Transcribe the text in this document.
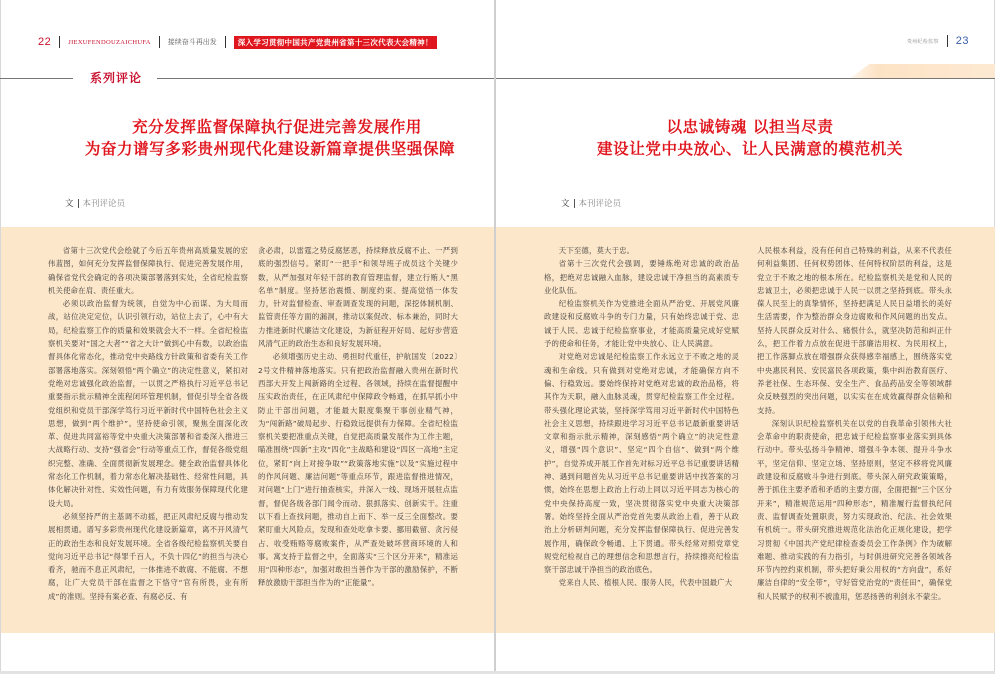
22	JIEXUFENDOUZAICHUFA 接续奋斗再出发	深入学习贯彻中国共产党贵州省第十三次代表大会精神！	贵州纪检监察 23
系列评论
充分发挥监督保障执行促进完善发展作用
为奋力谱写多彩贵州现代化建设新篇章提供坚强保障
以忠诚铸魂 以担当尽责
建设让党中央放心、让人民满意的模范机关
文 本刊评论员	文 本刊评论员

省第十三次党代会绘就了今后五年贵州高质量发展的宏伟蓝图，如何充分发挥监督保障执行、促进完善发展作用，确保省党代会确定的各项决策部署落到实处，全省纪检监察机关使命在肩、责任重大。

必须以政治监督为统领，自觉为中心而谋、为大局而战，站位决定定位，认识引领行动，站位上去了，心中有大局，纪检监察工作的质量和效果就会大不一样。全省纪检监察机关要对“国之大者”“省之大计”做到心中有数，以政治监督具体化常态化，推动党中央路线方针政策和省委有关工作部署落地落实。深刻领悟“两个确立”的决定性意义，紧扣对党绝对忠诚强化政治监督，一以贯之严格执行习近平总书记重要指示批示精神全流程闭环管理机制，督促引导全省各级党组织和党员干部深学笃行习近平新时代中国特色社会主义思想，做到“两个维护”。坚持使命引领，聚焦全面深化改革、促进共同富裕等党中央重大决策部署和省委深入推进三大战略行动、支持“强省会”行动等重点工作，督促各级党组织完整、准确、全面贯彻新发展理念。健全政治监督具体化常态化工作机制，着力常态化解决基础性、经常性问题，具体化解决针对性、实效性问题，有力有效服务保障现代化建设大局。

必须坚持严的主基调不动摇，把正风肃纪反腐与推动发展相贯通。谱写多彩贵州现代化建设新篇章，离不开风清气正的政治生态和良好发展环境。全省各级纪检监察机关要自觉向习近平总书记“得罪千百人，不负十四亿”的担当与决心看齐，驰而不息正风肃纪，一体推进不敢腐、不能腐、不想腐，让广大党员干部在监督之下恪守“官有所畏，业有所成”的准则。坚持有案必查、有腐必反、有

贪必肃，以雷霆之势反腐惩恶，持续释放反腐不止、一严到底的强烈信号。紧盯“一把手”和领导班子成员这个关键少数，从严加强对年轻干部的教育管理监督，建立行贿人“黑名单”制度。坚持惩治震慑、制度约束、提高觉悟一体发力，针对监督检查、审查调查发现的问题，深挖体制机制、监管责任等方面的漏洞，推动以案促改、标本兼治，同时大力推进新时代廉洁文化建设，为新征程开好局、起好步营造风清气正的政治生态和良好发展环境。

必须增强历史主动、勇担时代重任，护航国发〔2022〕2号文件精神落地落实。只有把政治监督融入贵州在新时代西部大开发上闯新路的全过程、各领域，持续在监督提醒中压实政治责任，在正风肃纪中保障政令畅通，在抓早抓小中防止干部出问题，才能最大限度集聚干事创业精气神，为“闯新路”破局起步、行稳致远提供有力保障。全省纪检监察机关要把准重点关键，自觉把高质量发展作为工作主题，瞄准围绕“四新”主攻“四化”主战略和建设“四区一高地”主定位，紧盯“向上对接争取”“政策落地实施”以及“实施过程中的作风问题、廉洁问题”等重点环节，跟进监督推进情况，对问题“上门”进行抽查核实，并深入一线、现场开展驻点监督，督促各级各部门闻令而动、狠抓落实、创新实干。注重以下看上查找问题，推动自上而下、举一反三全面整改。要紧盯重大风险点，发现和查处吃拿卡要、挪用截留、贪污侵占、收受贿赂等腐败案件，从严查处破坏营商环境的人和事。寓支持于监督之中，全面落实“三个区分开来”，精准运用“四种形态”，加强对敢担当善作为干部的激励保护，不断释放激励干部担当作为的“正能量”。

天下至德，莫大于忠。

省第十三次党代会强调，要锤炼绝对忠诚的政治品格，把绝对忠诚融入血脉，建设忠诚干净担当的高素质专业化队伍。

纪检监察机关作为党推进全面从严治党、开展党风廉政建设和反腐败斗争的专门力量，只有始终忠诚于党、忠诚于人民、忠诚于纪检监察事业，才能高质量完成好党赋予的使命和任务，才能让党中央放心、让人民满意。

对党绝对忠诚是纪检监察工作永远立于不败之地的灵魂和生命线。只有做到对党绝对忠诚，才能确保方向不偏、行稳致远。要始终保持对党绝对忠诚的政治品格，将其作为天职，融入血脉灵魂，贯穿纪检监察工作全过程。带头强化理论武装，坚持深学笃用习近平新时代中国特色社会主义思想，持续跟进学习习近平总书记最新重要讲话文章和指示批示精神，深刻感悟“两个确立”的决定性意义，增强“四个意识”、坚定“四个自信”、做到“两个维护”，自觉养成开展工作首先对标习近平总书记重要讲话精神、遇到问题首先从习近平总书记重要讲话中找答案的习惯，始终在思想上政治上行动上同以习近平同志为核心的党中央保持高度一致，坚决贯彻落实党中央重大决策部署。始终坚持全面从严治党首先要从政治上看，善于从政治上分析研判问题，充分发挥监督保障执行、促进完善发展作用，确保政令畅通、上下贯通。带头经常对照党章党规党纪检视自己的理想信念和思想言行，持续擦亮纪检监察干部忠诚干净担当的政治底色。

党来自人民、植根人民、服务人民，代表中国最广大

人民根本利益，没有任何自己特殊的利益，从来不代表任何利益集团、任何权势团体、任何特权阶层的利益，这是党立于不败之地的根本所在。纪检监察机关是党和人民的忠诚卫士，必须把忠诚于人民一以贯之坚持到底。带头永葆人民至上的真挚情怀，坚持把满足人民日益增长的美好生活需要，作为整治群众身边腐败和作风问题的出发点。坚持人民群众反对什么、痛恨什么，就坚决防范和纠正什么，把工作着力点放在促进干部廉洁用权、为民用权上，把工作落脚点放在增强群众获得感幸福感上，围绕落实党中央惠民利民、安民富民各项政策，集中纠治教育医疗、养老社保、生态环保、安全生产、食品药品安全等领域群众反映强烈的突出问题，以实实在在成效赢得群众信赖和支持。

深刻认识纪检监察机关在以党的自我革命引领伟大社会革命中的职责使命，把忠诚于纪检监察事业落实到具体行动中。带头弘扬斗争精神、增强斗争本领、提升斗争水平，坚定信仰、坚定立场、坚持原则，坚定不移将党风廉政建设和反腐败斗争进行到底。带头深入研究政策策略，善于抓住主要矛盾和矛盾的主要方面，全面把握“三个区分开来”，精准规范运用“四种形态”，精准履行监督执纪问责、监督调查处置职责，努力实现政治、纪法、社会效果有机统一。带头研究推进规范化法治化正规化建设，把学习贯彻《中国共产党纪律检查委员会工作条例》作为破解难题、推动实践的有力指引，与时俱进研究完善各领域各环节内控约束机制，带头把好秉公用权的“方向盘”，系好廉洁自律的“安全带”，守好管党治党的“责任田”，确保党和人民赋予的权利不被滥用，惩恶扬善的利剑永不蒙尘。
